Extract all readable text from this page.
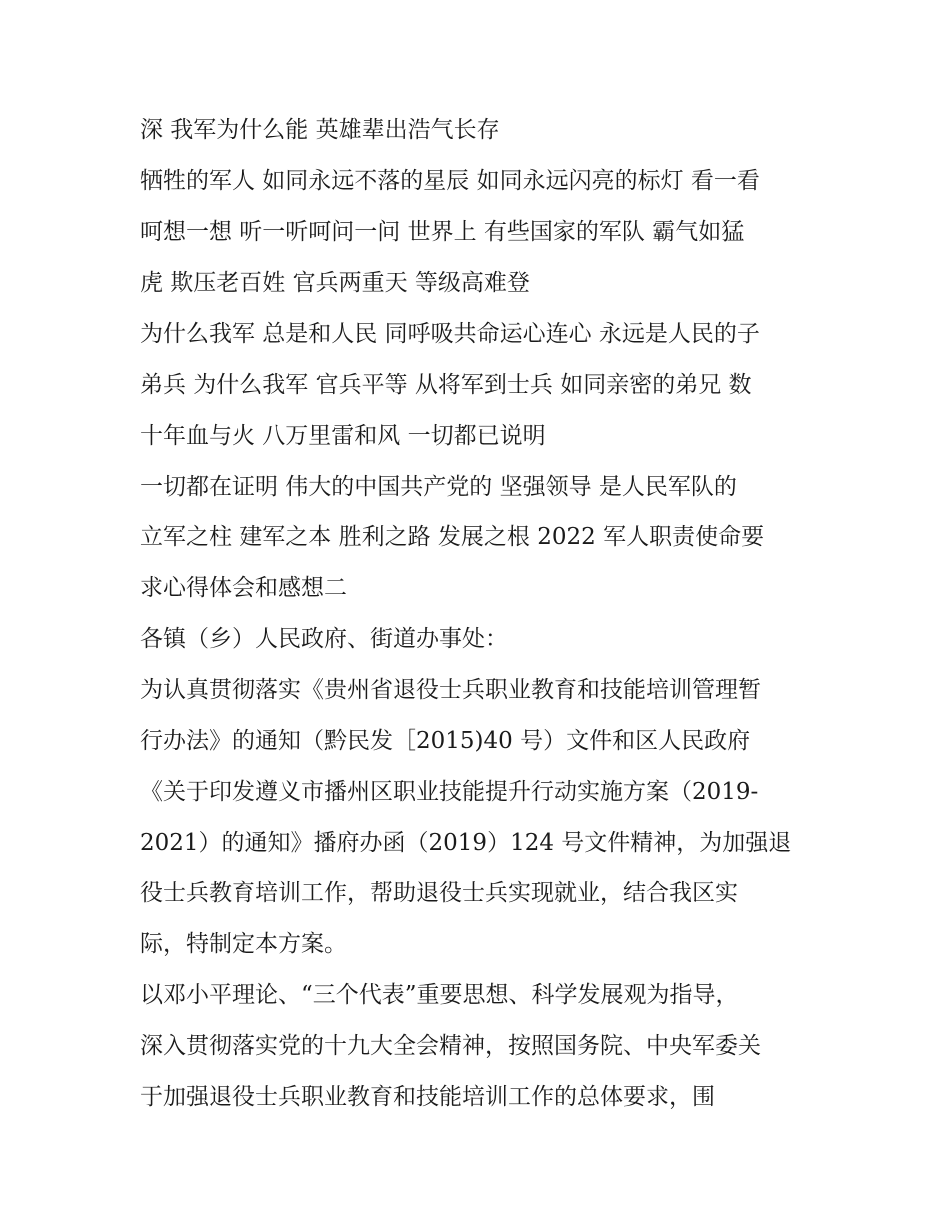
深 我军为什么能 英雄辈出浩气长存
牺牲的军人 如同永远不落的星辰 如同永远闪亮的标灯 看一看
呵想一想 听一听呵问一问 世界上 有些国家的军队 霸气如猛
虎 欺压老百姓 官兵两重天 等级高难登
为什么我军 总是和人民 同呼吸共命运心连心 永远是人民的子
弟兵 为什么我军 官兵平等 从将军到士兵 如同亲密的弟兄 数
十年血与火 八万里雷和风 一切都已说明
一切都在证明 伟大的中国共产党的 坚强领导 是人民军队的
立军之柱 建军之本 胜利之路 发展之根 2022 军人职责使命要
求心得体会和感想二
各镇（乡）人民政府、街道办事处：
为认真贯彻落实《贵州省退役士兵职业教育和技能培训管理暂
行办法》的通知（黔民发［2015)40 号）文件和区人民政府
《关于印发遵义市播州区职业技能提升行动实施方案（2019-
2021）的通知》播府办函（2019）124 号文件精神，为加强退
役士兵教育培训工作，帮助退役士兵实现就业，结合我区实
际，特制定本方案。
以邓小平理论、“三个代表”重要思想、科学发展观为指导，
深入贯彻落实党的十九大全会精神，按照国务院、中央军委关
于加强退役士兵职业教育和技能培训工作的总体要求，围
